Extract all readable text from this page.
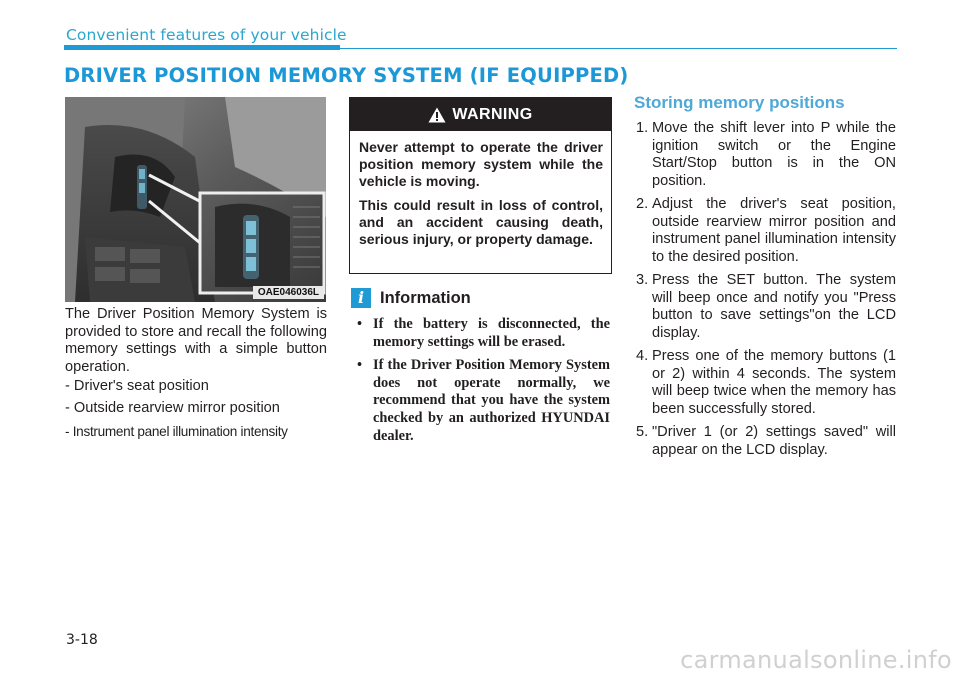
Convenient features of your vehicle
DRIVER POSITION MEMORY SYSTEM (IF EQUIPPED)
OAE046036L
The Driver Position Memory System is provided to store and recall the following memory settings with a simple button operation.
- Driver's seat position
- Outside rearview mirror position
- Instrument panel illumination intensity
WARNING

Never attempt to operate the driver position memory system while the vehicle is moving.

This could result in loss of control, and an accident causing death, serious injury, or property damage.

i Information
• If the battery is disconnected, the memory settings will be erased.
• If the Driver Position Memory System does not operate normally, we recommend that you have the system checked by an authorized HYUNDAI dealer.
Storing memory positions
1. Move the shift lever into P while the ignition switch or the Engine Start/Stop button is in the ON position.
2. Adjust the driver's seat position, outside rearview mirror position and instrument panel illumination intensity to the desired position.
3. Press the SET button. The system will beep once and notify you "Press button to save settings"on the LCD display.
4. Press one of the memory buttons (1 or 2) within 4 seconds. The system will beep twice when the memory has been successfully stored.
5. "Driver 1 (or 2) settings saved" will appear on the LCD display.
3-18
carmanualsonline.info
